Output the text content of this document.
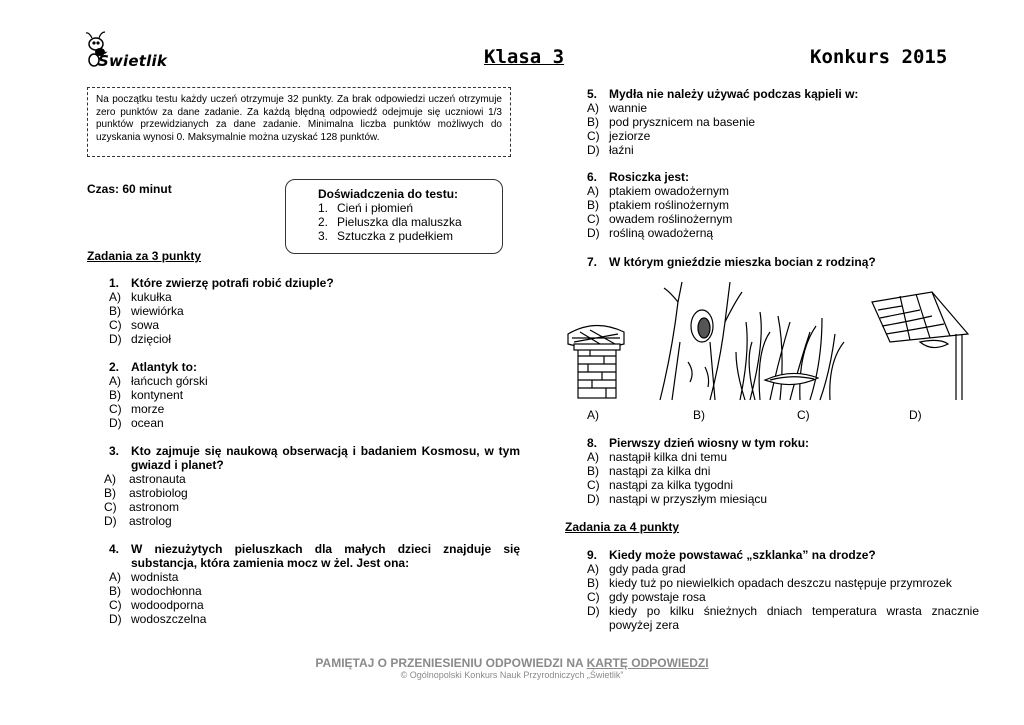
Świetlik	Klasa 3	Konkurs 2015
Na początku testu każdy uczeń otrzymuje 32 punkty. Za brak odpowiedzi uczeń otrzymuje zero punktów za dane zadanie. Za każdą błędną odpowiedź odejmuje się uczniowi 1/3 punktów przewidzianych za dane zadanie. Minimalna liczba punktów możliwych do uzyskania wynosi 0. Maksymalnie można uzyskać 128 punktów.
Czas: 60 minut	Doświadczenia do testu:
1. Cień i płomień
2. Pieluszka dla maluszka
3. Sztuczka z pudełkiem
Zadania za 3 punkty
1. Które zwierzę potrafi robić dziuple?
A) kukułka
B) wiewiórka
C) sowa
D) dzięcioł
2. Atlantyk to:
A) łańcuch górski
B) kontynent
C) morze
D) ocean
3. Kto zajmuje się naukową obserwacją i badaniem Kosmosu, w tym gwiazd i planet?
A)	astronauta
B)	astrobiolog
C)	astronom
D)	astrolog
4. W niezużytych pieluszkach dla małych dzieci znajduje się substancja, która zamienia mocz w żel. Jest ona:
A) wodnista
B) wodochłonna
C) wodoodporna
D) wodoszczelna
5. Mydła nie należy używać podczas kąpieli w:
A) wannie
B) pod prysznicem na basenie
C) jeziorze
D) łaźni
6. Rosiczka jest:
A) ptakiem owadożernym
B) ptakiem roślinożernym
C) owadem roślinożernym
D) rośliną owadożerną
7. W którym gnieździe mieszka bocian z rodziną?
A)	B)	C)	D)
8. Pierwszy dzień wiosny w tym roku:
A) nastąpił kilka dni temu
B) nastąpi za kilka dni
C) nastąpi za kilka tygodni
D) nastąpi w przyszłym miesiącu
Zadania za 4 punkty
9. Kiedy może powstawać „szklanka” na drodze?
A) gdy pada grad
B) kiedy tuż po niewielkich opadach deszczu następuje przymrozek
C) gdy powstaje rosa
D) kiedy po kilku śnieżnych dniach temperatura wrasta znacznie powyżej zera
PAMIĘTAJ O PRZENIESIENIU ODPOWIEDZI NA KARTĘ ODPOWIEDZI
© Ogólnopolski Konkurs Nauk Przyrodniczych „Świetlik”
